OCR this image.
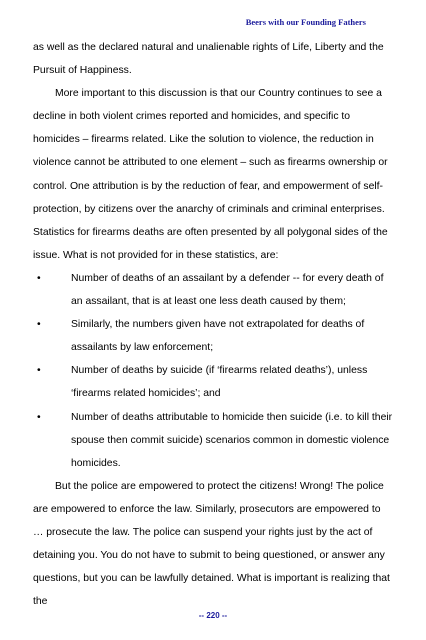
Beers with our Founding Fathers

as well as the declared natural and unalienable rights of Life, Liberty and the Pursuit of Happiness.

More important to this discussion is that our Country continues to see a decline in both violent crimes reported and homicides, and specific to homicides – firearms related. Like the solution to violence, the reduction in violence cannot be attributed to one element – such as firearms ownership or control. One attribution is by the reduction of fear, and empowerment of self-protection, by citizens over the anarchy of criminals and criminal enterprises. Statistics for firearms deaths are often presented by all polygonal sides of the issue. What is not provided for in these statistics, are:

•	Number of deaths of an assailant by a defender -- for every death of an assailant, that is at least one less death caused by them;
•	Similarly, the numbers given have not extrapolated for deaths of assailants by law enforcement;
•	Number of deaths by suicide (if ‘firearms related deaths’), unless ‘firearms related homicides’; and
•	Number of deaths attributable to homicide then suicide (i.e. to kill their spouse then commit suicide) scenarios common in domestic violence homicides.

But the police are empowered to protect the citizens! Wrong! The police are empowered to enforce the law. Similarly, prosecutors are empowered to … prosecute the law. The police can suspend your rights just by the act of detaining you. You do not have to submit to being questioned, or answer any questions, but you can be lawfully detained. What is important is realizing that the

-- 220 --
